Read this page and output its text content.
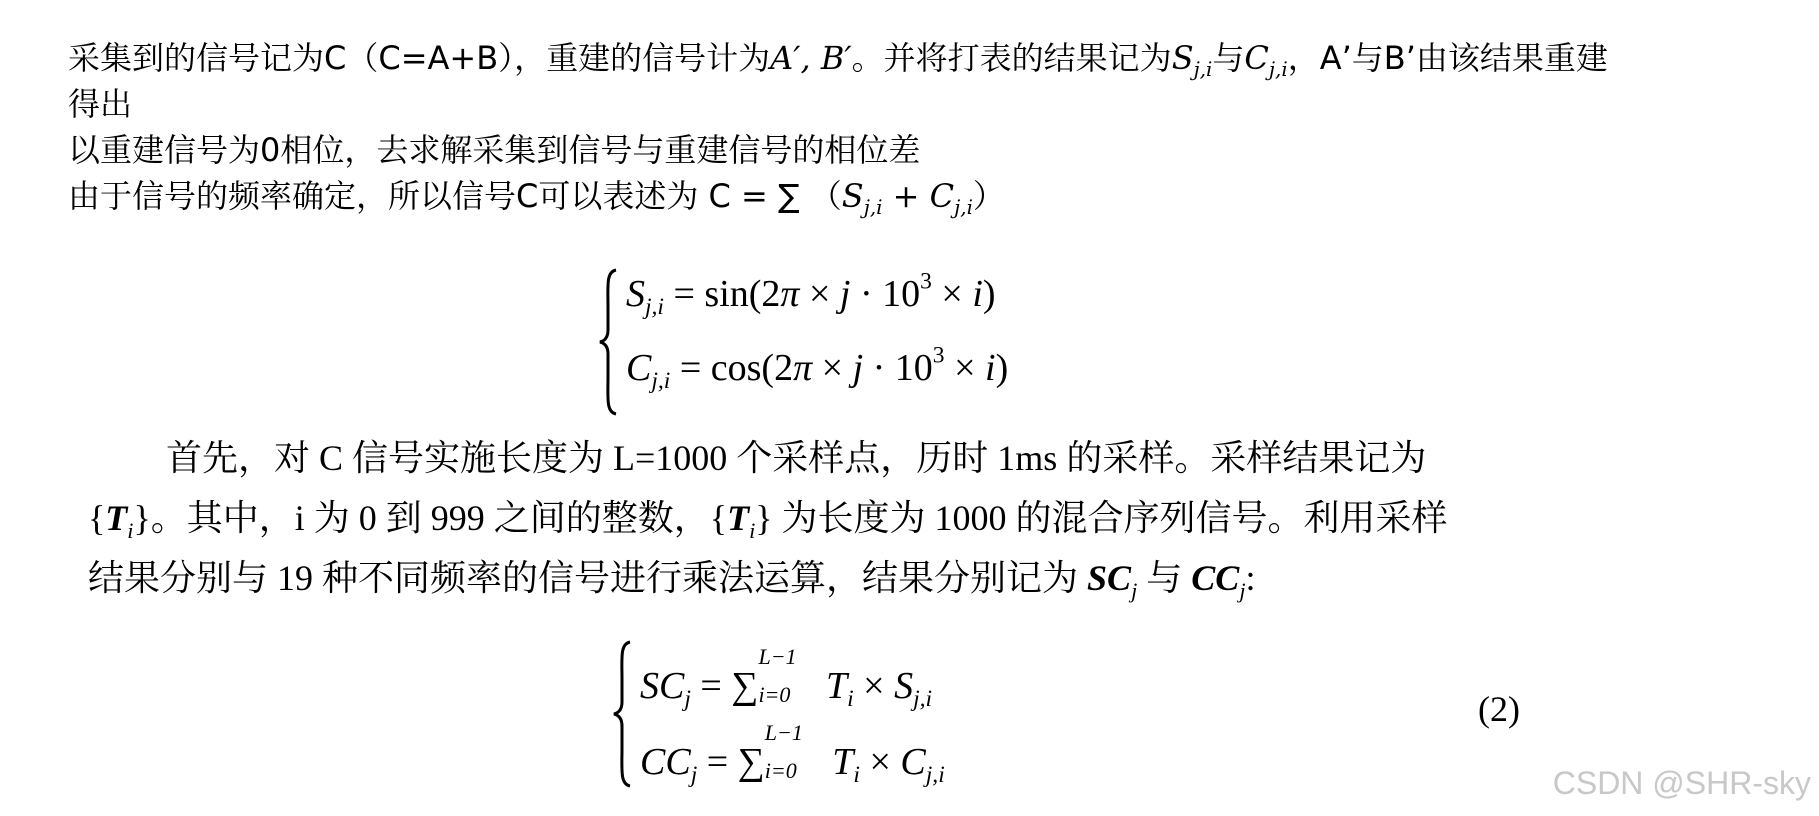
采集到的信号记为C（C=A+B），重建的信号计为A′, B′。并将打表的结果记为$S_{j,i}$与$C_{j,i}$，A’与B’由该结果重建
得出
以重建信号为0相位，去求解采集到信号与重建信号的相位差
由于信号的频率确定，所以信号C可以表述为 C = ∑ $(S_{j,i} + C_{j,i})$
$S_{j,i} = \sin(2\pi \times j \cdot 10^3 \times i)$
$C_{j,i} = \cos(2\pi \times j \cdot 10^3 \times i)$
首先，对 C 信号实施长度为 L=1000 个采样点，历时 1ms 的采样。采样结果记为
$\{T_i\}$。其中，i 为 0 到 999 之间的整数，$\{T_i\}$ 为长度为 1000 的混合序列信号。利用采样
结果分别与 19 种不同频率的信号进行乘法运算，结果分别记为 $SC_j$ 与 $CC_j$:
$SC_j$ = ∑
L−1
i=0 $T_i \times S_{j,i}$
$CC_j$ = ∑
L−1
i=0 $T_i \times C_{j,i}$
(2)
CSDN @SHR-sky
